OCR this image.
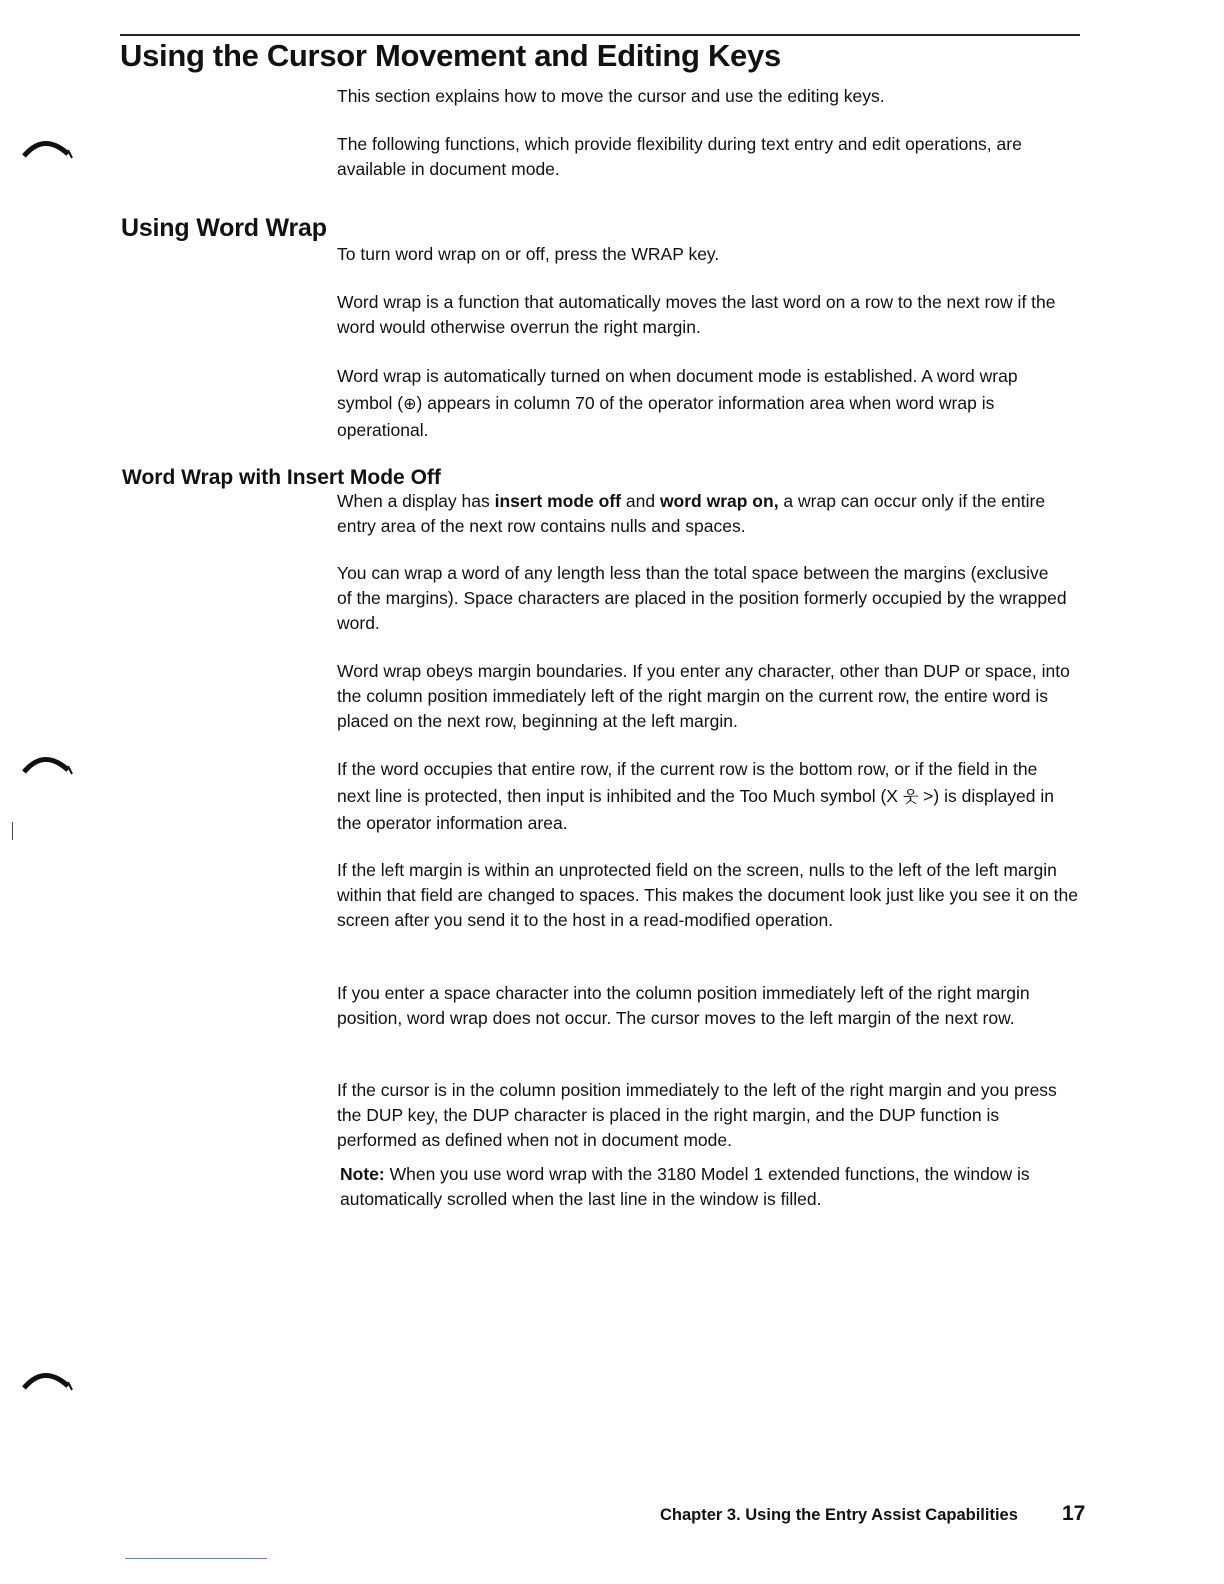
Using the Cursor Movement and Editing Keys

This section explains how to move the cursor and use the editing keys.

The following functions, which provide flexibility during text entry and edit operations, are available in document mode.

Using Word Wrap

To turn word wrap on or off, press the WRAP key.

Word wrap is a function that automatically moves the last word on a row to the next row if the word would otherwise overrun the right margin.

Word wrap is automatically turned on when document mode is established. A word wrap symbol (⊕) appears in column 70 of the operator information area when word wrap is operational.

Word Wrap with Insert Mode Off

When a display has insert mode off and word wrap on, a wrap can occur only if the entire entry area of the next row contains nulls and spaces.

You can wrap a word of any length less than the total space between the margins (exclusive of the margins). Space characters are placed in the position formerly occupied by the wrapped word.

Word wrap obeys margin boundaries. If you enter any character, other than DUP or space, into the column position immediately left of the right margin on the current row, the entire word is placed on the next row, beginning at the left margin.

If the word occupies that entire row, if the current row is the bottom row, or if the field in the next line is protected, then input is inhibited and the Too Much symbol (X 웃 >) is displayed in the operator information area.

If the left margin is within an unprotected field on the screen, nulls to the left of the left margin within that field are changed to spaces. This makes the document look just like you see it on the screen after you send it to the host in a read-modified operation.

If you enter a space character into the column position immediately left of the right margin position, word wrap does not occur. The cursor moves to the left margin of the next row.

If the cursor is in the column position immediately to the left of the right margin and you press the DUP key, the DUP character is placed in the right margin, and the DUP function is performed as defined when not in document mode.

Note: When you use word wrap with the 3180 Model 1 extended functions, the window is automatically scrolled when the last line in the window is filled.

Chapter 3. Using the Entry Assist Capabilities 17
